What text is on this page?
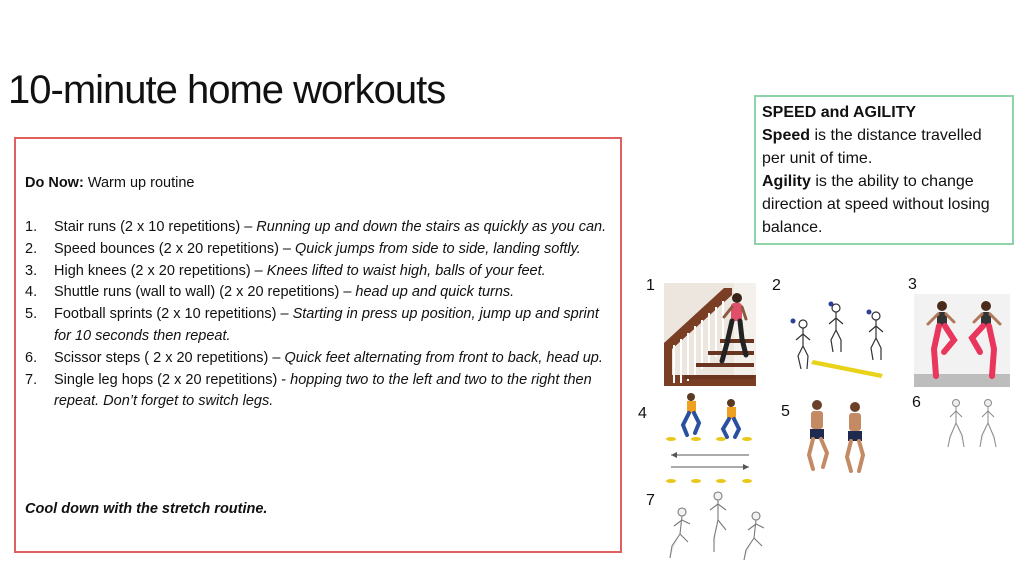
10-minute home workouts
Do Now: Warm up routine
1. Stair runs (2 x 10 repetitions) – Running up and down the stairs as quickly as you can.
2. Speed bounces (2 x 20 repetitions) – Quick jumps from side to side, landing softly.
3. High knees (2 x 20 repetitions) – Knees lifted to waist high, balls of your feet.
4. Shuttle runs (wall to wall) (2 x 20 repetitions) – head up and quick turns.
5. Football sprints (2 x 10 repetitions) – Starting in press up position, jump up and sprint for 10 seconds then repeat.
6. Scissor steps ( 2 x 20 repetitions) – Quick feet alternating from front to back, head up.
7. Single leg hops (2 x 20 repetitions) - hopping two to the left and two to the right then repeat. Don’t forget to switch legs.
Cool down with the stretch routine.
SPEED and AGILITY
Speed is the distance travelled per unit of time.
Agility is the ability to change direction at speed without losing balance.
1	2	3
4	5
6
7
